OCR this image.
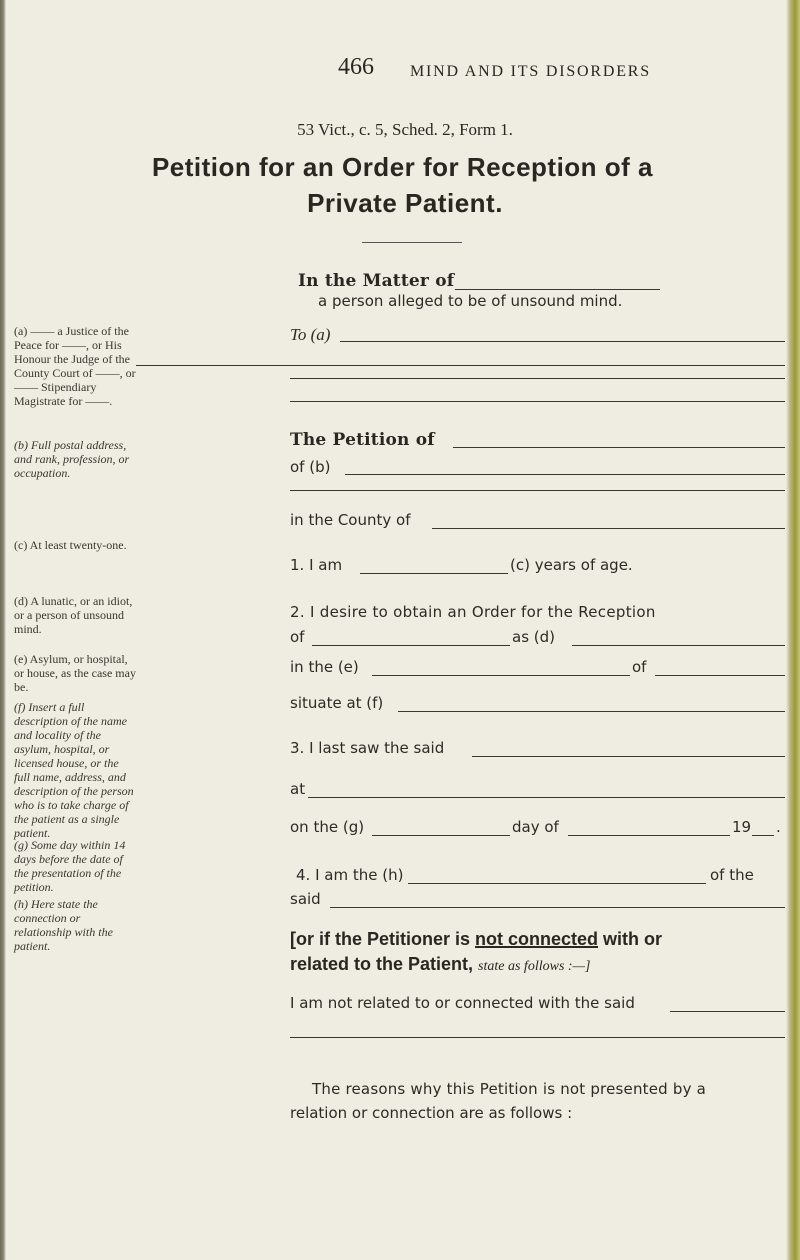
466 MIND AND ITS DISORDERS
53 Vict., c. 5, Sched. 2, Form 1.
Petition for an Order for Reception of a
Private Patient.
In the Matter of
a person alleged to be of unsound mind.
(a) —— a Justice of the Peace for ——, or His Honour the Judge of the County Court of ——, or —— Stipendiary Magistrate for ——.
(b) Full postal address, and rank, profession, or occupation.
(c) At least twenty-one.
(d) A lunatic, or an idiot, or a person of unsound mind.
(e) Asylum, or hospital, or house, as the case may be.
(f) Insert a full description of the name and locality of the asylum, hospital, or licensed house, or the full name, address, and description of the person who is to take charge of the patient as a single patient.
(g) Some day within 14 days before the date of the presentation of the petition.
(h) Here state the connection or relationship with the patient.
To (a)
The Petition of
of (b)
in the County of
1. I am	(c) years of age.
2. I desire to obtain an Order for the Reception
of	as (d)
in the (e)	of
situate at (f)
3. I last saw the said
at
on the (g)	day of	19 .
4. I am the (h)	of the
said
[or if the Petitioner is not connected with or
related to the Patient, state as follows :—]
I am not related to or connected with the said
The reasons why this Petition is not presented by a
relation or connection are as follows :
